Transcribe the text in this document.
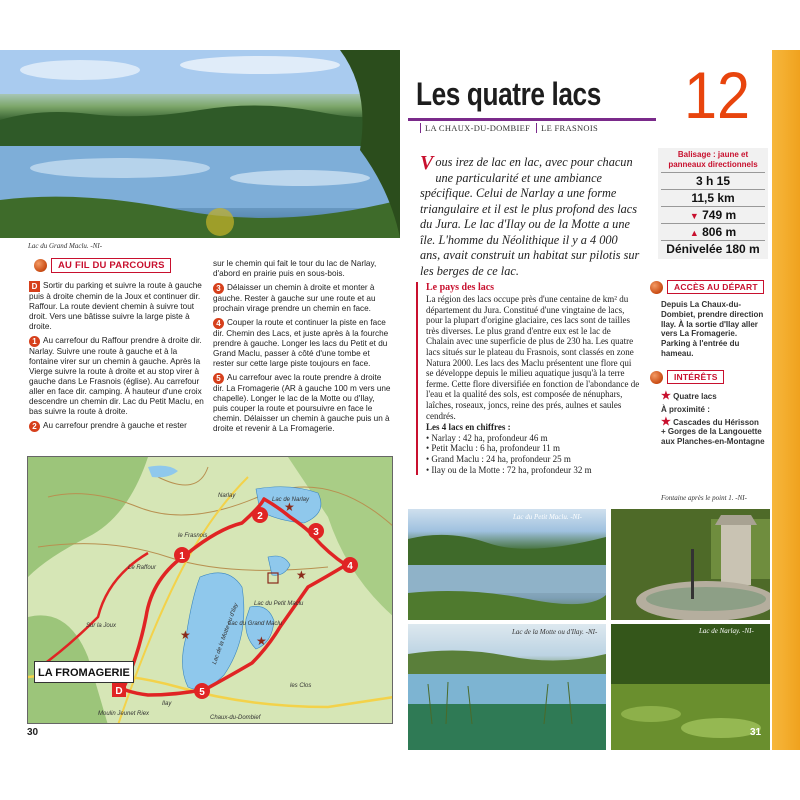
Lac du Grand Maclu. -NI-
AU FIL DU PARCOURS

D Sortir du parking et suivre la route à gauche puis à droite chemin de la Joux et continuer dir. Raffour. La route devient chemin à suivre tout droit. Vers une bâtisse suivre la large piste à droite.

1 Au carrefour du Raffour prendre à droite dir. Narlay. Suivre une route à gauche et à la fontaine virer sur un chemin à gauche. Après la Vierge suivre la route à droite et au stop virer à gauche dans Le Frasnois (église). Au carrefour aller en face dir. camping. À hauteur d'une croix descendre un chemin dir. Lac du Petit Maclu, en bas suivre la route à droite.

2 Au carrefour prendre à gauche et rester

sur le chemin qui fait le tour du lac de Narlay, d'abord en prairie puis en sous-bois.

3 Délaisser un chemin à droite et monter à gauche. Rester à gauche sur une route et au prochain virage prendre un chemin en face.

4 Couper la route et continuer la piste en face dir. Chemin des Lacs, et juste après à la fourche prendre à gauche. Longer les lacs du Petit et du Grand Maclu, passer à côté d'une tombe et rester sur cette large piste toujours en face.

5 Au carrefour avec la route prendre à droite dir. La Fromagerie (AR à gauche 100 m vers une chapelle). Longer le lac de la Motte ou d'Ilay, puis couper la route et poursuivre en face le chemin. Délaisser un chemin à gauche puis un à droite et revenir à La Fromagerie.

1
2
3
4
5
D
★
★
★	★
Lac de Narlay
le Frasnois
Narlay
Lac du Petit Maclu
Lac du Grand Maclu
Lac de la Motte ou d'Ilay
Sur la Joux
Le Raffour
les Clos
Ilay
Moulin Jeunet Riex
Chaux-du-Dombief
LA FROMAGERIE
30
Les quatre lacs
LA CHAUX-DU-DOMBIEF	LE FRASNOIS 12
Vous irez de lac en lac, avec pour chacun une particularité et une ambiance spécifique. Celui de Narlay a une forme triangulaire et il est le plus profond des lacs du Jura. Le lac d'Ilay ou de la Motte a une île. L'homme du Néolithique il y a 4 000 ans, avait construit un habitat sur pilotis sur les berges de ce lac.
Le pays des lacs
La région des lacs occupe près d'une centaine de km² du département du Jura. Constitué d'une vingtaine de lacs, pour la plupart d'origine glaciaire, ces lacs sont de tailles très diverses. Le plus grand d'entre eux est le lac de Chalain avec une superficie de plus de 230 ha. Les quatre lacs situés sur le plateau du Frasnois, sont classés en zone Natura 2000. Les lacs des Maclu présentent une flore qui se développe depuis le milieu aquatique jusqu'à la terre ferme. Cette flore diversifiée en fonction de l'abondance de l'eau et la qualité des sols, est composée de nénuphars, laîches, roseaux, joncs, reine des prés, aulnes et saules cendrés.
Les 4 lacs en chiffres :
• Narlay : 42 ha, profondeur 46 m
• Petit Maclu : 6 ha, profondeur 11 m
• Grand Maclu : 24 ha, profondeur 25 m
• Ilay ou de la Motte : 72 ha, profondeur 32 m
Balisage : jaune et panneaux directionnels
3 h 15
11,5 km
▼ 749 m
▲ 806 m
Dénivelée 180 m
ACCÈS AU DÉPART
Depuis La Chaux-du-Dombiet, prendre direction Ilay. À la sortie d'Ilay aller vers La Fromagerie. Parking à l'entrée du hameau.
INTÉRÊTS
★ Quatre lacs
À proximité :
★ Cascades du Hérisson + Gorges de la Langouette aux Planches-en-Montagne
Fontaine après le point 1. -NI-
Lac du Petit Maclu. -NI-
Lac de la Motte ou d'Ilay. -NI-	Lac de Narlay. -NI-
31
